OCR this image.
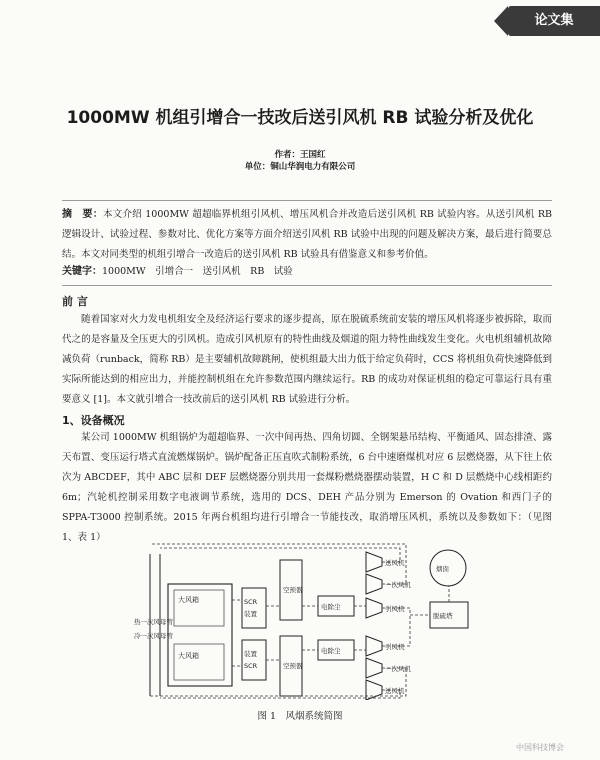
论文集
1000MW 机组引增合一技改后送引风机 RB 试验分析及优化
作者：王国红
单位：铜山华润电力有限公司

摘　要：本文介绍 1000MW 超超临界机组引风机、增压风机合并改造后送引风机 RB 试验内容。从送引风机 RB 逻辑设计、试验过程、参数对比、优化方案等方面介绍送引风机 RB 试验中出现的问题及解决方案，最后进行简要总结。本文对同类型的机组引增合一改造后的送引风机 RB 试验具有借鉴意义和参考价值。

关键字：1000MW　引增合一　送引风机　RB　试验
前 言

随着国家对火力发电机组安全及经济运行要求的逐步提高，原在脱硫系统前安装的增压风机将逐步被拆除，取而代之的是容量及全压更大的引风机。造成引风机原有的特性曲线及烟道的阻力特性曲线发生变化。火电机组辅机故障减负荷（runback，简称 RB）是主要辅机故障跳闸，使机组最大出力低于给定负荷时，CCS 将机组负荷快速降低到实际所能达到的相应出力，并能控制机组在允许参数范围内继续运行。RB 的成功对保证机组的稳定可靠运行具有重要意义 [1]。本文就引增合一技改前后的送引风机 RB 试验进行分析。

1、设备概况

某公司 1000MW 机组锅炉为超超临界、一次中间再热、四角切圆、全钢架悬吊结构、平衡通风、固态排渣、露天布置、变压运行塔式直流燃煤锅炉。锅炉配备正压直吹式制粉系统，6 台中速磨煤机对应 6 层燃烧器，从下往上依次为 ABCDEF，其中 ABC 层和 DEF 层燃烧器分别共用一套煤粉燃烧器摆动装置，H C 和 D 层燃烧中心线相距约 6m；汽轮机控制采用数字电液调节系统，选用的 DCS、DEH 产品分别为 Emerson 的 Ovation 和西门子的 SPPA-T3000 控制系统。2015 年两台机组均进行引增合一节能技改，取消增压风机，系统以及参数如下：（见图 1、表 1）

大风箱
大风箱
热一次风母管
冷一次风母管
SCR
装置
装置
SCR
空预器
空预器
电除尘
电除尘
送风机
一次风机
引风机
引风机
一次风机
送风机
烟囱
脱硫塔
图 1　风烟系统简图
中国科技博会
